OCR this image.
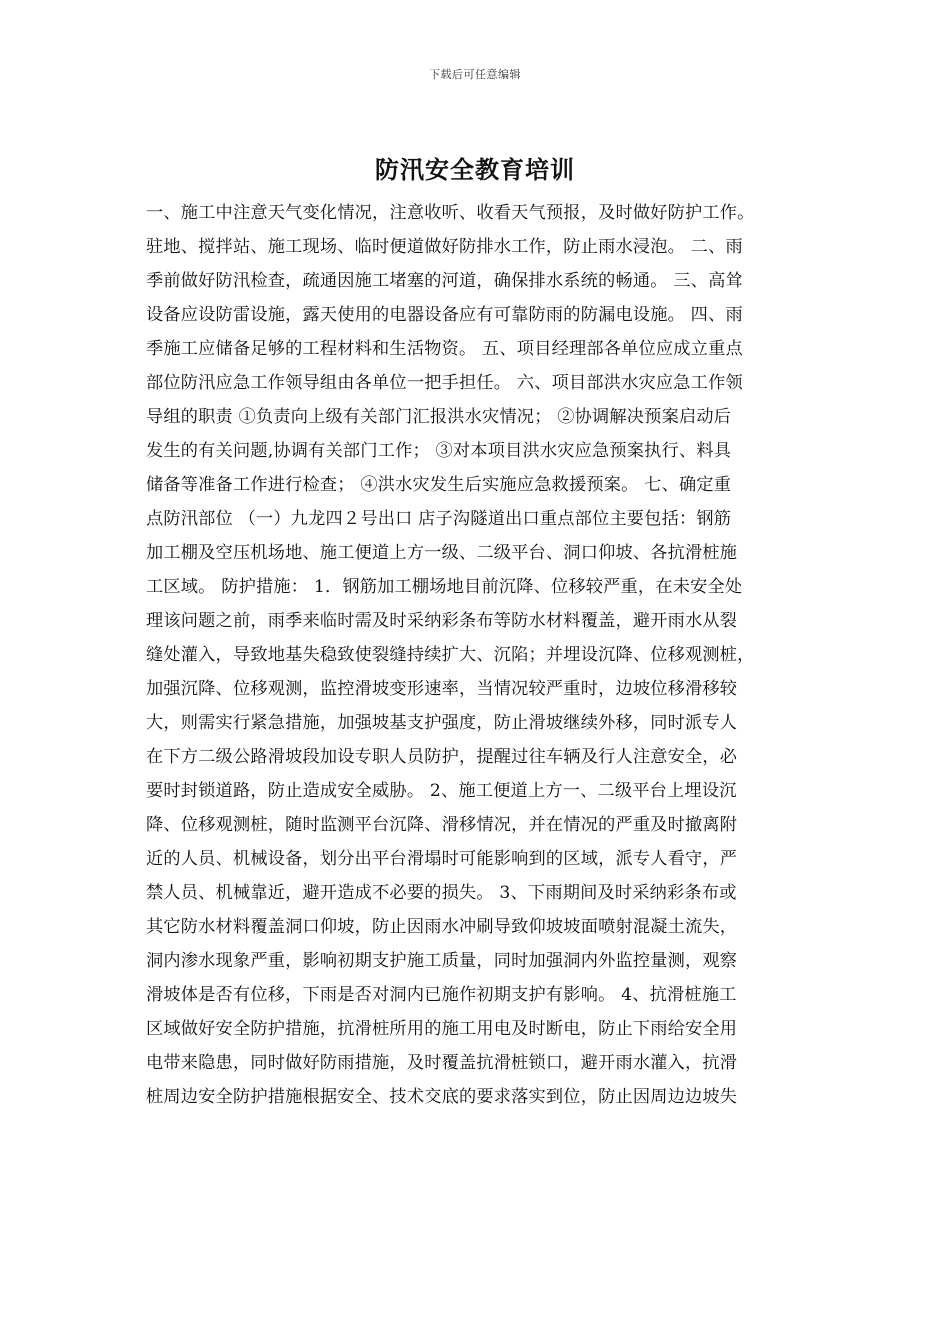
下载后可任意编辑
防汛安全教育培训
一、施工中注意天气变化情况，注意收听、收看天气预报，及时做好防护工作。
驻地、搅拌站、施工现场、临时便道做好防排水工作，防止雨水浸泡。 二、雨
季前做好防汛检查，疏通因施工堵塞的河道，确保排水系统的畅通。 三、高耸
设备应设防雷设施，露天使用的电器设备应有可靠防雨的防漏电设施。 四、雨
季施工应储备足够的工程材料和生活物资。 五、项目经理部各单位应成立重点
部位防汛应急工作领导组由各单位一把手担任。 六、项目部洪水灾应急工作领
导组的职责 ①负责向上级有关部门汇报洪水灾情况； ②协调解决预案启动后
发生的有关问题,协调有关部门工作； ③对本项目洪水灾应急预案执行、料具
储备等准备工作进行检查； ④洪水灾发生后实施应急救援预案。 七、确定重
点防汛部位 （一）九龙四２号出口 店子沟隧道出口重点部位主要包括：钢筋
加工棚及空压机场地、施工便道上方一级、二级平台、洞口仰坡、各抗滑桩施
工区域。 防护措施： 1．钢筋加工棚场地目前沉降、位移较严重，在未安全处
理该问题之前，雨季来临时需及时采纳彩条布等防水材料覆盖，避开雨水从裂
缝处灌入，导致地基失稳致使裂缝持续扩大、沉陷；并埋设沉降、位移观测桩，
加强沉降、位移观测，监控滑坡变形速率，当情况较严重时，边坡位移滑移较
大，则需实行紧急措施，加强坡基支护强度，防止滑坡继续外移，同时派专人
在下方二级公路滑坡段加设专职人员防护，提醒过往车辆及行人注意安全，必
要时封锁道路，防止造成安全威胁。 2、施工便道上方一、二级平台上埋设沉
降、位移观测桩，随时监测平台沉降、滑移情况，并在情况的严重及时撤离附
近的人员、机械设备，划分出平台滑塌时可能影响到的区域，派专人看守，严
禁人员、机械靠近，避开造成不必要的损失。 3、下雨期间及时采纳彩条布或
其它防水材料覆盖洞口仰坡，防止因雨水冲刷导致仰坡坡面喷射混凝土流失，
洞内渗水现象严重，影响初期支护施工质量，同时加强洞内外监控量测，观察
滑坡体是否有位移，下雨是否对洞内已施作初期支护有影响。 4、抗滑桩施工
区域做好安全防护措施，抗滑桩所用的施工用电及时断电，防止下雨给安全用
电带来隐患，同时做好防雨措施，及时覆盖抗滑桩锁口，避开雨水灌入，抗滑
桩周边安全防护措施根据安全、技术交底的要求落实到位，防止因周边边坡失
